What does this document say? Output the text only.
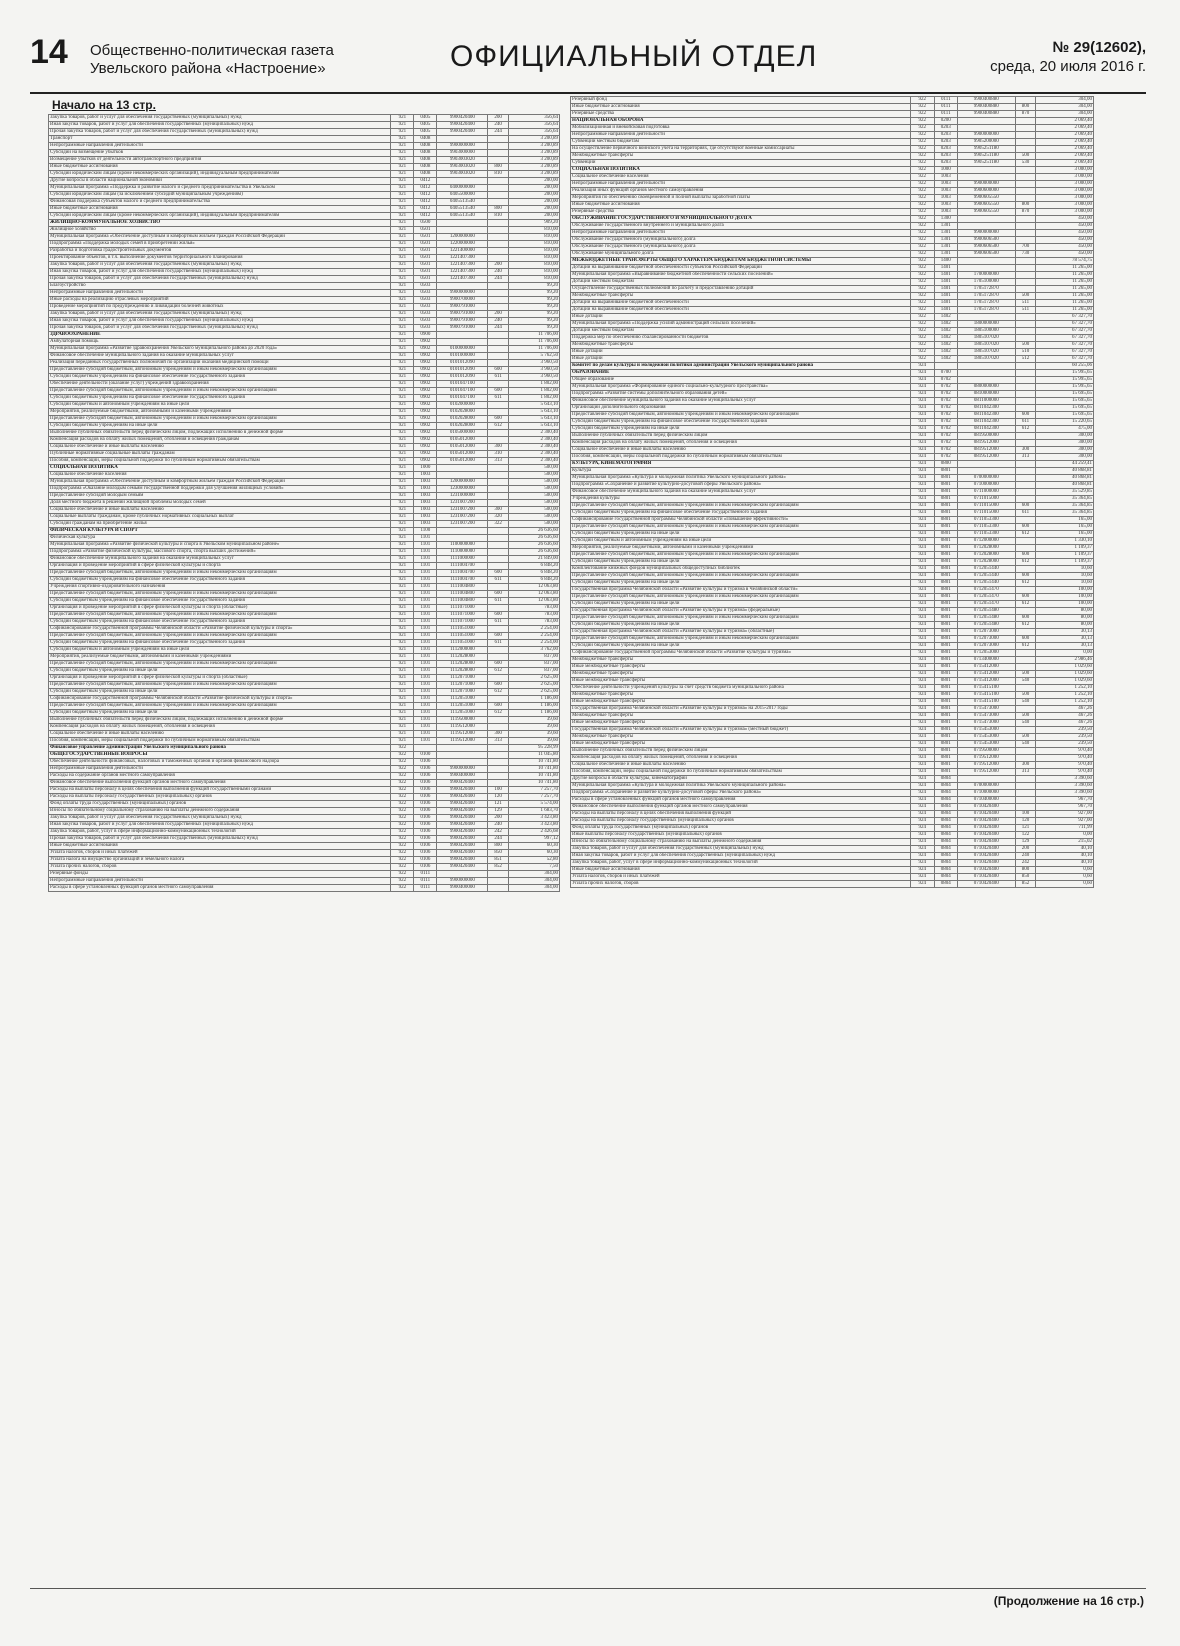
14 Общественно-политическая газета
Увельского района «Настроение»	ОФИЦИАЛЬНЫЙ ОТДЕЛ	№ 29(12602),
среда, 20 июля 2016 г.
Начало на 13 стр.
Закупка товаров, работ и услуг для обеспечения государственных (муниципальных) нужд	921	0405	9900420400	200	356,64
Иная закупка товаров, работ и услуг для обеспечения государственных (муниципальных) нужд	921	0405	9900420400	240	356,64
Прочая закупка товаров, работ и услуг для обеспечения государственных (муниципальных) нужд	921	0405	9900420400	244	356,64
Транспорт	921	0408			3 200,89
Непрограммные направления деятельности	921	0408	9900000000		3 200,89
Субсидии на возмещение убытков	921	0408	9903000000		3 200,89
Возмещение убытков от деятельности автотранспортного предприятия	921	0408	9903003020		3 200,89
Иные бюджетные ассигнования	921	0408	9903003020	800	3 200,89
Субсидии юридическим лицам (кроме некоммерческих организаций), индивидуальным предпринимателям	921	0408	9903003020	810	3 200,89
Другие вопросы в области национальной экономики	921	0412			200,00
Муниципальная программа «Поддержка и развитие малого и среднего предпринимательства в Увельском	921	0412	0400000000		200,00
Субсидии юридическим лицам (за исключением субсидий муниципальным учреждениям)	921	0412	0405500000		200,00
Финансовая поддержка субъектов малого и среднего предпринимательства	921	0412	0405513540		200,00
Иные бюджетные ассигнования	921	0412	0405513540	800	200,00
Субсидии юридическим лицам (кроме некоммерческих организаций), индивидуальным предпринимателям	921	0412	0405513540	810	200,00
ЖИЛИЩНО-КОММУНАЛЬНОЕ ХОЗЯЙСТВО	921	0500			909,20
Жилищное хозяйство	921	0501			810,00
Муниципальная программа «Обеспечение доступным и комфортным жильем граждан Российской Федерации	921	0501	1200000000		810,00
Подпрограмма «Поддержка молодых семей в приобретении жилья»	921	0501	1220000000		810,00
Разработка и подготовка градостроительных документов	921	0501	1221400000		810,00
Проектирование объектов, в т.ч. выполнение документов территориального планирования	921	0501	1221407300		810,00
Закупка товаров, работ и услуг для обеспечения государственных (муниципальных) нужд	921	0501	1221407300	200	810,00
Иная закупка товаров, работ и услуг для обеспечения государственных (муниципальных) нужд	921	0501	1221407300	240	810,00
Прочая закупка товаров, работ и услуг для обеспечения государственных (муниципальных) нужд	921	0501	1221407300	244	810,00
Благоустройство	921	0503			99,20
Непрограммные направления деятельности	921	0503	9900000000		99,20
Иные расходы на реализацию отраслевых мероприятий	921	0503	9900700000		99,20
Проведение мероприятий по предупреждению и ликвидации болезней животных	921	0503	9900791000		99,20
Закупка товаров, работ и услуг для обеспечения государственных (муниципальных) нужд	921	0503	9900791000	200	99,20
Иная закупка товаров, работ и услуг для обеспечения государственных (муниципальных) нужд	921	0503	9900791000	240	99,20
Прочая закупка товаров, работ и услуг для обеспечения государственных (муниципальных) нужд	921	0503	9900791000	244	99,20
ЗДРАВООХРАНЕНИЕ	921	0900			11 706,00
Амбулаторная помощь	921	0902			11 706,00
Муниципальная программа «Развитие здравоохранения Увельского муниципального района до 2020 года»	921	0902	0100000000		11 706,00
Финансовое обеспечение муниципального задания на оказание муниципальных услуг	921	0902	0101000000		5 762,50
Реализация переданных государственных полномочий по организации оказания медицинской помощи	921	0902	0101012090		3 960,50
Предоставление субсидий бюджетным, автономным учреждениям и иным некоммерческим организациям	921	0902	0101012090	600	3 960,50
Субсидии бюджетным учреждениям на финансовое обеспечение государственного задания	921	0902	0101012090	611	3 960,50
Обеспечение деятельности (оказание услуг) учреждений здравоохранения	921	0902	0101047100		1 802,00
Предоставление субсидий бюджетным, автономным учреждениям и иным некоммерческим организациям	921	0902	0101047100	600	1 802,00
Субсидии бюджетным учреждениям на финансовое обеспечение государственного задания	921	0902	0101047100	611	1 802,00
Субсидии бюджетным и автономным учреждениям на иные цели	921	0902	0102000000		5 643,10
Мероприятия, реализуемые бюджетными, автономными и казенными учреждениями	921	0902	0102028000		5 643,10
Предоставление субсидий бюджетным, автономным учреждениям и иным некоммерческим организациям	921	0902	0102028000	600	5 643,10
Субсидии бюджетным учреждениям на иные цели	921	0902	0102028000	612	5 643,10
Выполнение публичных обязательств перед физическим лицом, подлежащих исполнению в денежной форме	921	0902	0105000000		2 300,40
Компенсация расходов на оплату жилых помещений, отопления и освещения гражданам	921	0902	0105012000		2 300,40
Социальное обеспечение и иные выплаты населению	921	0902	0105012000	300	2 300,40
Публичные нормативные социальные выплаты гражданам	921	0902	0105012000	310	2 300,40
Пособия, компенсации, меры социальной поддержки по публичным нормативным обязательствам	921	0902	0105012000	313	2 300,40
СОЦИАЛЬНАЯ ПОЛИТИКА	921	1000			500,00
Социальное обеспечение населения	921	1003			500,00
Муниципальная программа «Обеспечение доступным и комфортным жильем граждан Российской Федерации	921	1003	1200000000		500,00
Подпрограмма «Оказание молодым семьям государственной поддержки для улучшения жилищных условий»	921	1003	1230000000		500,00
Предоставление субсидий молодым семьям	921	1003	1231000000		500,00
Доля местного бюджета в решении жилищной проблемы молодых семей	921	1003	1231007200		500,00
Социальное обеспечение и иные выплаты населению	921	1003	1231007200	300	500,00
Социальные выплаты гражданам, кроме публичных нормативных социальных выплат	921	1003	1231007200	320	500,00
Субсидии гражданам на приобретение жилья	921	1003	1231007200	322	500,00
ФИЗИЧЕСКАЯ КУЛЬТУРА И СПОРТ	921	1100			26 636,60
Физическая культура	921	1101			26 636,60
Муниципальная программа «Развитие физической культуры и спорта в Увельском муниципальном районе»	921	1101	1100000000		26 636,60
Подпрограмма «Развитие физической культуры, массового спорта, спорта высших достижений»	921	1101	1110000000		26 636,60
Финансовое обеспечение муниципального задания на оказание муниципальных услуг	921	1101	1111000000		21 849,00
Организация и проведение мероприятий в сфере физической культуры и спорта	921	1101	1111004700		6 848,20
Предоставление субсидий бюджетным, автономным учреждениям и иным некоммерческим организациям	921	1101	1111004700	600	6 848,20
Субсидии бюджетным учреждениям на финансовое обеспечение государственного задания	921	1101	1111004700	611	6 848,20
Учреждения спортивно-оздоровительного назначения	921	1101	1111004800		12 063,80
Предоставление субсидий бюджетным, автономным учреждениям и иным некоммерческим организациям	921	1101	1111004800	600	12 063,80
Субсидии бюджетным учреждениям на финансовое обеспечение государственного задания	921	1101	1111004800	611	12 063,80
Организация и проведение мероприятий в сфере физической культуры и спорта (областные)	921	1101	1111071000		783,00
Предоставление субсидий бюджетным, автономным учреждениям и иным некоммерческим организациям	921	1101	1111071000	600	783,00
Субсидии бюджетным учреждениям на финансовое обеспечение государственного задания	921	1101	1111071000	611	783,00
Софинансирование государственной программы Челябинской области «Развитие физической культуры и спорта»	921	1101	1111051000		2 254,00
Предоставление субсидий бюджетным, автономным учреждениям и иным некоммерческим организациям	921	1101	1111051000	600	2 254,00
Субсидии бюджетным учреждениям на финансовое обеспечение государственного задания	921	1101	1111051000	611	2 254,00
Субсидии бюджетным и автономным учреждениям на иные цели	921	1101	1112000000		3 762,00
Мероприятия, реализуемые бюджетными, автономными и казенными учреждениями	921	1101	1112028000		837,00
Предоставление субсидий бюджетным, автономным учреждениям и иным некоммерческим организациям	921	1101	1112028000	600	837,00
Субсидии бюджетным учреждениям на иные цели	921	1101	1112028000	612	837,00
Организация и проведение мероприятий в сфере физической культуры и спорта (областные)	921	1101	1112071000		2 625,00
Предоставление субсидий бюджетным, автономным учреждениям и иным некоммерческим организациям	921	1101	1112071000	600	2 625,00
Субсидии бюджетным учреждениям на иные цели	921	1101	1112071000	612	2 625,00
Софинансирование государственной программы Челябинской области «Развитие физической культуры и спорта»	921	1101	1112051000		1 186,00
Предоставление субсидий бюджетным, автономным учреждениям и иным некоммерческим организациям	921	1101	1112051000	600	1 186,00
Субсидии бюджетным учреждениям на иные цели	921	1101	1112051000	612	1 186,00
Выполнение публичных обязательств перед физическим лицом, подлежащих исполнению в денежной форме	921	1101	1119500000		39,60
Компенсация расходов на оплату жилых помещений, отопления и освещения	921	1101	1119512000		39,60
Социальное обеспечение и иные выплаты населению	921	1101	1119512000	300	39,60
Пособия, компенсации, меры социальной поддержки по публичным нормативным обязательствам	921	1101	1119512000	313	39,60
Финансовое управление администрации Увельского муниципального района	922				95 228,99
ОБЩЕГОСУДАРСТВЕННЫЕ ВОПРОСЫ	922	0100			11 045,80
Обеспечение деятельности финансовых, налоговых и таможенных органов и органов финансового надзора	922	0106			10 741,80
Непрограммные направления деятельности	922	0106	9900000000		10 741,80
Расходы на содержание органов местного самоуправления	922	0106	9900400000		10 741,80
Финансовое обеспечение выполнения функций органов местного самоуправления	922	0106	9900420400		10 741,80
Расходы на выплаты персоналу в целях обеспечения выполнения функций государственными органами	922	0106	9900420400	100	7 257,70
Расходы на выплаты персоналу государственных (муниципальных) органов	922	0106	9900420400	120	7 257,70
Фонд оплаты труда государственных (муниципальных) органов	922	0106	9900420400	121	5 574,00
Взносы по обязательному социальному страхованию на выплаты денежного содержания	922	0106	9900420400	129	1 683,70
Закупка товаров, работ и услуг для обеспечения государственных (муниципальных) нужд	922	0106	9900420400	200	3 423,80
Иная закупка товаров, работ и услуг для обеспечения государственных (муниципальных) нужд	922	0106	9900420400	240	3 423,80
Закупка товаров, работ, услуг в сфере информационно-коммуникационных технологий	922	0106	9900420400	242	2 426,68
Прочая закупка товаров, работ и услуг для обеспечения государственных (муниципальных) нужд	922	0106	9900420400	244	997,12
Иные бюджетные ассигнования	922	0106	9900420400	800	60,30
Уплата налогов, сборов и иных платежей	922	0106	9900420400	850	60,30
Уплата налога на имущество организаций и земельного налога	922	0106	9900420400	851	52,80
Уплата прочих налогов, сборов	922	0106	9900420400	852	7,50
Резервные фонды	922	0111			304,00
Непрограммные направления деятельности	922	0111	9900000000		304,00
Расходы в сфере установленных функций органов местного самоуправления	922	0111	9900400000		304,00
Резервный фонд	922	0111	9900400880		304,00
Иные бюджетные ассигнования	922	0111	9900400880	800	304,00
Резервные средства	922	0111	9900400880	870	304,00
НАЦИОНАЛЬНАЯ ОБОРОНА	922	0200			2 069,40
Мобилизационная и вневойсковая подготовка	922	0203			2 069,40
Непрограммные направления деятельности	922	0203	9900000000		2 069,40
Субвенции местным бюджетам	922	0203	9905200000		2 069,40
На осуществление первичного воинского учета на территориях, где отсутствуют военные комиссариаты	922	0203	9905251180		2 069,40
Межбюджетные трансферты	922	0203	9905251180	500	2 069,40
Субвенции	922	0203	9905251180	530	2 069,40
СОЦИАЛЬНАЯ ПОЛИТИКА	922	1000			3 000,00
Социальное обеспечение населения	922	1003			3 000,00
Непрограммные направления деятельности	922	1003	9900000000		3 000,00
Реализация иных функций органов местного самоуправления	922	1003	9900600000		3 000,00
Мероприятия по обеспечению своевременной и полной выплаты заработной платы	922	1003	9900605550		3 000,00
Иные бюджетные ассигнования	922	1003	9900605550	800	3 000,00
Резервные средства	922	1003	9900605550	870	3 000,00
ОБСЛУЖИВАНИЕ ГОСУДАРСТВЕННОГО И МУНИЦИПАЛЬНОГО ДОЛГА	922	1300			450,00
Обслуживание государственного внутреннего и муниципального долга	922	1301			450,00
Непрограммные направления деятельности	922	1301	9900000000		450,00
Обслуживание государственного (муниципального) долга	922	1301	9900606500		450,00
Обслуживание государственного (муниципального) долга	922	1301	9900606500	700	450,00
Обслуживание муниципального долга	922	1301	9900606500	730	450,00
МЕЖБЮДЖЕТНЫЕ ТРАНСФЕРТЫ ОБЩЕГО ХАРАКТЕРА БЮДЖЕТАМ БЮДЖЕТНОЙ СИСТЕМЫ	922	1400			78 574,75
Дотации на выравнивание бюджетной обеспеченности субъектов Российской Федерации	922	1401			11 265,00
Муниципальная программа «Выравнивание бюджетной обеспеченности сельских поселений»	922	1401	1700000000		11 265,00
Дотации местным бюджетам	922	1401	1705100000		11 265,00
Осуществление государственных полномочий по расчету и предоставлению дотаций	922	1401	1705172870		11 265,00
Межбюджетные трансферты	922	1401	1705172870	500	11 265,00
Дотации на выравнивание бюджетной обеспеченности	922	1401	1705172870	511	11 265,00
Дотации на выравнивание бюджетной обеспеченности	922	1401	1705172870	511	11 265,00
Иные дотации	922	1402			67 327,70
Муниципальная программа «Поддержка усилий администраций сельских поселений»	922	1402	1800000000		67 327,70
Дотации местным бюджетам	922	1402	1805100000		67 327,70
Поддержка мер по обеспечению сбалансированности бюджетов	922	1402	1805107020		67 327,70
Межбюджетные трансферты	922	1402	1805107020	500	67 327,70
Иные дотации	922	1402	1805107020	510	67 327,70
Иные дотации	922	1402	1805107020	512	67 327,70
Комитет по делам культуры и молодежной политики администрации Увельского муниципального района	924				60 255,06
ОБРАЗОВАНИЕ	924	0700			15 995,65
Общее образование	924	0702			15 995,65
Муниципальная программа «Формирование единого социально-культурного пространства»	924	0702	0800000000		15 995,65
Подпрограмма «Развитие системы дополнительного образования детей»	924	0702	0810000000		15 695,65
Финансовое обеспечение муниципального задания на оказание муниципальных услуг	924	0702	0811000000		15 695,65
Организации дополнительного образования	924	0702	0811042300		15 695,65
Предоставление субсидий бюджетным, автономным учреждениям и иным некоммерческим организациям	924	0702	0811042300	600	15 695,65
Субсидии бюджетным учреждениям на финансовое обеспечение государственного задания	924	0702	0811042300	611	15 220,65
Субсидии бюджетным учреждениям на иные цели	924	0702	0811042300	612	475,00
Выполнение публичных обязательств перед физическим лицом	924	0702	0819500000		300,00
Компенсация расходов на оплату жилых помещений, отопления и освещения	924	0702	0819512000		300,00
Социальное обеспечение и иные выплаты населению	924	0702	0819512000	300	300,00
Пособия, компенсации, меры социальной поддержки по публичным нормативным обязательствам	924	0702	0819512000	313	300,00
КУЛЬТУРА, КИНЕМАТОГРАФИЯ	924	0800			44 259,41
Культура	924	0801			40 868,81
Муниципальная программа «Культура и молодежная политика Увельского муниципального района»	924	0801	0700000000		40 868,81
Подпрограмма «Сохранение и развитие культурно-досуговой сферы Увельского района»	924	0801	0710000000		40 868,81
Финансовое обеспечение муниципального задания на оказание муниципальных услуг	924	0801	0711000000		35 529,85
Учреждения культуры	924	0801	0711015000		35 364,85
Предоставление субсидий бюджетным, автономным учреждениям и иным некоммерческим организациям	924	0801	0711015000	600	35 364,85
Субсидии бюджетным учреждениям на финансовое обеспечение государственного задания	924	0801	0711015000	611	35 364,85
Софинансирование государственной программы Челябинской области «Повышение эффективности»	924	0801	0711053300		165,00
Предоставление субсидий бюджетным, автономным учреждениям и иным некоммерческим организациям	924	0801	0711053300	600	165,00
Субсидии бюджетным учреждениям на иные цели	924	0801	0711053300	612	165,00
Субсидии бюджетным и автономным учреждениям на иные цели	924	0801	0712000000		1 330,10
Мероприятия, реализуемые бюджетными, автономными и казенными учреждениями	924	0801	0712028000		1 109,37
Предоставление субсидий бюджетным, автономным учреждениям и иным некоммерческим организациям	924	0801	0712028000	600	1 109,37
Субсидии бюджетным учреждениям на иные цели	924	0801	0712028000	612	1 109,37
Комплектование книжных фондов муниципальных общедоступных библиотек	924	0801	0712051440		10,60
Предоставление субсидий бюджетным, автономным учреждениям и иным некоммерческим организациям	924	0801	0712051440	600	10,60
Субсидии бюджетным учреждениям на иные цели	924	0801	0712051440	612	10,60
Государственная программа Челябинской области «Развитие культуры и туризма в Челябинской области»	924	0801	0712051470		100,00
Предоставление субсидий бюджетным, автономным учреждениям и иным некоммерческим организациям	924	0801	0712051470	600	100,00
Субсидии бюджетным учреждениям на иные цели	924	0801	0712051470	612	100,00
Государственная программа Челябинской области «Развитие культуры и туризма» (федеральные)	924	0801	0712051480		80,00
Предоставление субсидий бюджетным, автономным учреждениям и иным некоммерческим организациям	924	0801	0712051480	600	80,00
Субсидии бюджетным учреждениям на иные цели	924	0801	0712051480	612	80,00
Государственная программа Челябинской области «Развитие культуры и туризма» (областные)	924	0801	0712073000		30,13
Предоставление субсидий бюджетным, автономным учреждениям и иным некоммерческим организациям	924	0801	0712073000	600	30,13
Субсидии бюджетным учреждениям на иные цели	924	0801	0712073000	612	30,13
Софинансирование государственной программы Челябинской области «Развитие культуры и туризма»	924	0801	0712053000		0,00
Межбюджетные трансферты	924	0801	0713400000		2 986,46
Иные межбюджетные трансферты	924	0801	0715412000		1 029,60
Межбюджетные трансферты	924	0801	0715412000	500	1 029,60
Иные межбюджетные трансферты	924	0801	0715412000	540	1 029,60
Обеспечение деятельности учреждений культуры за счет средств бюджета муниципального района	924	0801	0715415100		1 252,10
Межбюджетные трансферты	924	0801	0715415100	500	1 252,10
Иные межбюджетные трансферты	924	0801	0715415100	540	1 252,10
Государственная программа Челябинской области «Развитие культуры и туризма» на 2015-2017 годы	924	0801	0715473000		467,26
Межбюджетные трансферты	924	0801	0715473000	500	467,26
Иные межбюджетные трансферты	924	0801	0715473000	540	467,26
Государственная программа Челябинской области «Развитие культуры и туризма» (местный бюджет)	924	0801	0715453000		239,50
Межбюджетные трансферты	924	0801	0715453000	500	239,50
Иные межбюджетные трансферты	924	0801	0715453000	540	239,50
Выполнение публичных обязательств перед физическим лицом	924	0801	0719500000		970,40
Компенсация расходов на оплату жилых помещений, отопления и освещения	924	0801	0719512000		970,40
Социальное обеспечение и иные выплаты населению	924	0801	0719512000	300	970,40
Пособия, компенсации, меры социальной поддержки по публичным нормативным обязательствам	924	0801	0719512000	313	970,40
Другие вопросы в области культуры, кинематографии	924	0804			3 390,60
Муниципальная программа «Культура и молодежная политика Увельского муниципального района»	924	0804	0700000000		3 390,60
Подпрограмма «Сохранение и развитие культурно-досуговой сферы Увельского района»	924	0804	0710000000		3 390,60
Расходы в сфере установленных функций органов местного самоуправления	924	0804	0710400000		967,70
Финансовое обеспечение выполнения функций органов местного самоуправления	924	0804	0710420400		967,70
Расходы на выплаты персоналу в целях обеспечения выполнения функций	924	0804	0710420400	100	927,00
Расходы на выплаты персоналу государственных (муниципальных) органов	924	0804	0710420400	120	927,00
Фонд оплаты труда государственных (муниципальных) органов	924	0804	0710420400	121	711,99
Иные выплаты персоналу государственных (муниципальных) органов	924	0804	0710420400	122	0,00
Взносы по обязательному социальному страхованию на выплаты денежного содержания	924	0804	0710420400	129	215,02
Закупка товаров, работ и услуг для обеспечения государственных (муниципальных) нужд	924	0804	0710420400	200	40,10
Иная закупка товаров, работ и услуг для обеспечения государственных (муниципальных) нужд	924	0804	0710420400	240	40,10
Закупка товаров, работ, услуг в сфере информационно-коммуникационных технологий	924	0804	0710420400	242	40,10
Иные бюджетные ассигнования	924	0804	0710420400	800	0,60
Уплата налогов, сборов и иных платежей	924	0804	0710420400	850	0,60
Уплата прочих налогов, сборов	924	0804	0710420400	852	0,60
(Продолжение на 16 стр.)
